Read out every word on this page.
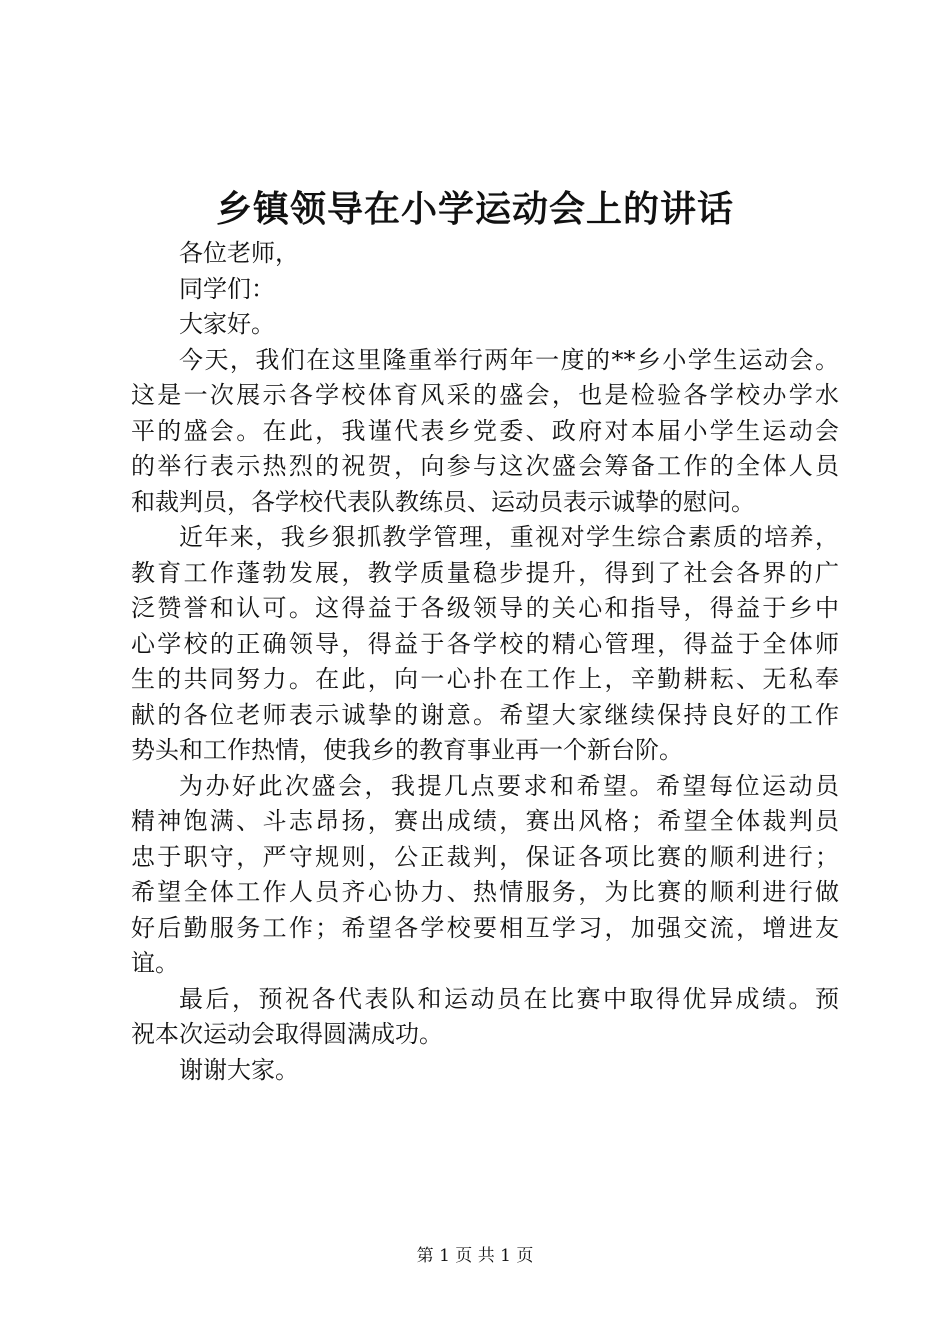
乡镇领导在小学运动会上的讲话
各位老师，
同学们：
大家好。
今天，我们在这里隆重举行两年一度的**乡小学生运动会。
这是一次展示各学校体育风采的盛会，也是检验各学校办学水
平的盛会。在此，我谨代表乡党委、政府对本届小学生运动会
的举行表示热烈的祝贺，向参与这次盛会筹备工作的全体人员
和裁判员，各学校代表队教练员、运动员表示诚挚的慰问。
近年来，我乡狠抓教学管理，重视对学生综合素质的培养，
教育工作蓬勃发展，教学质量稳步提升，得到了社会各界的广
泛赞誉和认可。这得益于各级领导的关心和指导，得益于乡中
心学校的正确领导，得益于各学校的精心管理，得益于全体师
生的共同努力。在此，向一心扑在工作上，辛勤耕耘、无私奉
献的各位老师表示诚挚的谢意。希望大家继续保持良好的工作
势头和工作热情，使我乡的教育事业再一个新台阶。
为办好此次盛会，我提几点要求和希望。希望每位运动员
精神饱满、斗志昂扬，赛出成绩，赛出风格；希望全体裁判员
忠于职守，严守规则，公正裁判，保证各项比赛的顺利进行；
希望全体工作人员齐心协力、热情服务，为比赛的顺利进行做
好后勤服务工作；希望各学校要相互学习，加强交流，增进友
谊。
最后，预祝各代表队和运动员在比赛中取得优异成绩。预
祝本次运动会取得圆满成功。
谢谢大家。
第 1 页 共 1 页
